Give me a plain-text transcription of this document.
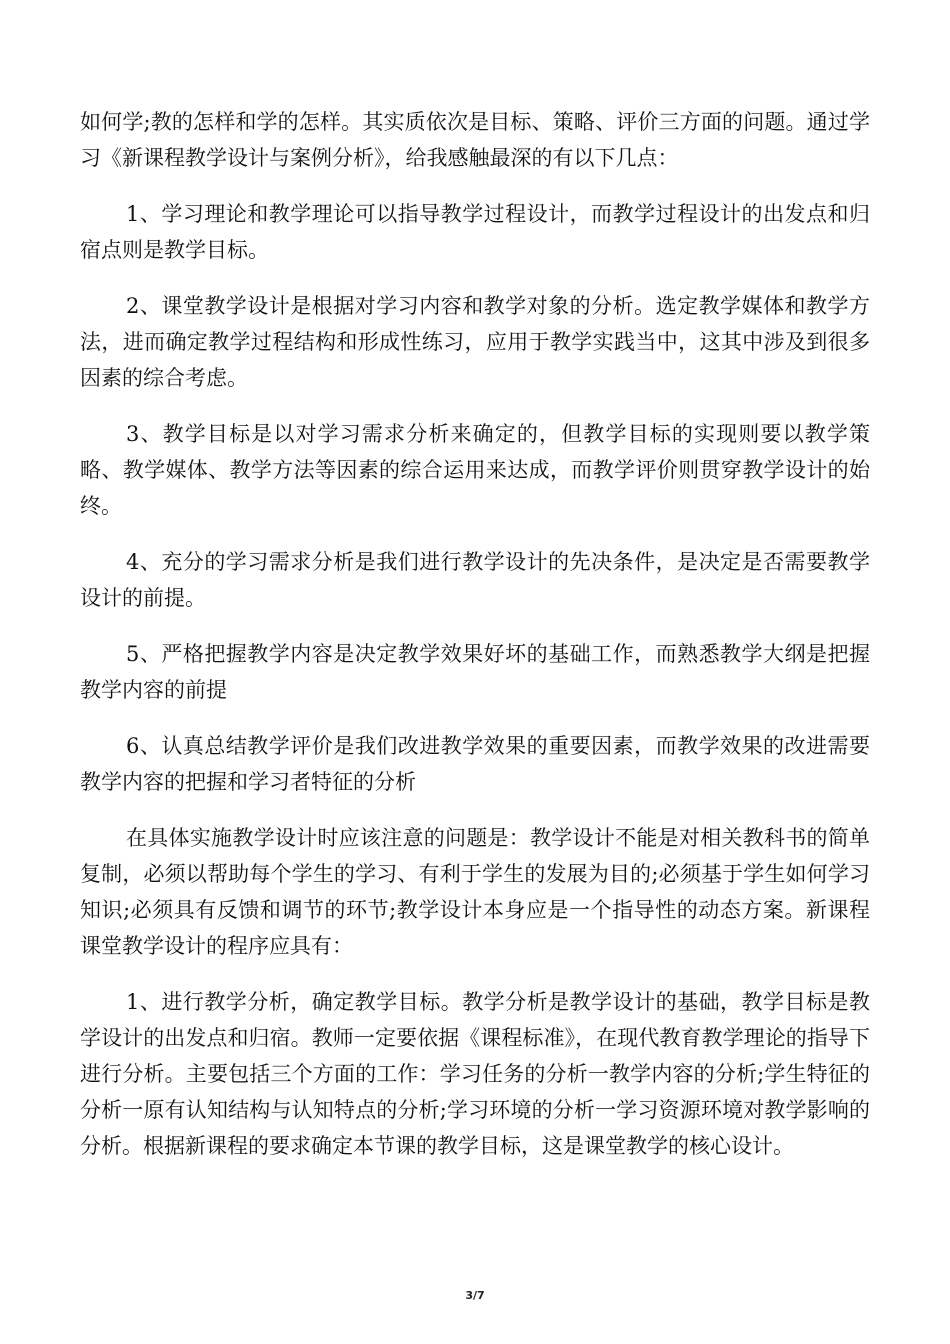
如何学;教的怎样和学的怎样。其实质依次是目标、策略、评价三方面的问题。通过学习《新课程教学设计与案例分析》，给我感触最深的有以下几点：

1、学习理论和教学理论可以指导教学过程设计，而教学过程设计的出发点和归宿点则是教学目标。

2、课堂教学设计是根据对学习内容和教学对象的分析。选定教学媒体和教学方法，进而确定教学过程结构和形成性练习，应用于教学实践当中，这其中涉及到很多因素的综合考虑。

3、教学目标是以对学习需求分析来确定的，但教学目标的实现则要以教学策略、教学媒体、教学方法等因素的综合运用来达成，而教学评价则贯穿教学设计的始终。

4、充分的学习需求分析是我们进行教学设计的先决条件，是决定是否需要教学设计的前提。

5、严格把握教学内容是决定教学效果好坏的基础工作，而熟悉教学大纲是把握教学内容的前提

6、认真总结教学评价是我们改进教学效果的重要因素，而教学效果的改进需要教学内容的把握和学习者特征的分析

在具体实施教学设计时应该注意的问题是：教学设计不能是对相关教科书的简单复制，必须以帮助每个学生的学习、有利于学生的发展为目的;必须基于学生如何学习知识;必须具有反馈和调节的环节;教学设计本身应是一个指导性的动态方案。新课程课堂教学设计的程序应具有：

1、进行教学分析，确定教学目标。教学分析是教学设计的基础，教学目标是教学设计的出发点和归宿。教师一定要依据《课程标准》，在现代教育教学理论的指导下进行分析。主要包括三个方面的工作：学习任务的分析一教学内容的分析;学生特征的分析一原有认知结构与认知特点的分析;学习环境的分析一学习资源环境对教学影响的分析。根据新课程的要求确定本节课的教学目标，这是课堂教学的核心设计。

3/7
